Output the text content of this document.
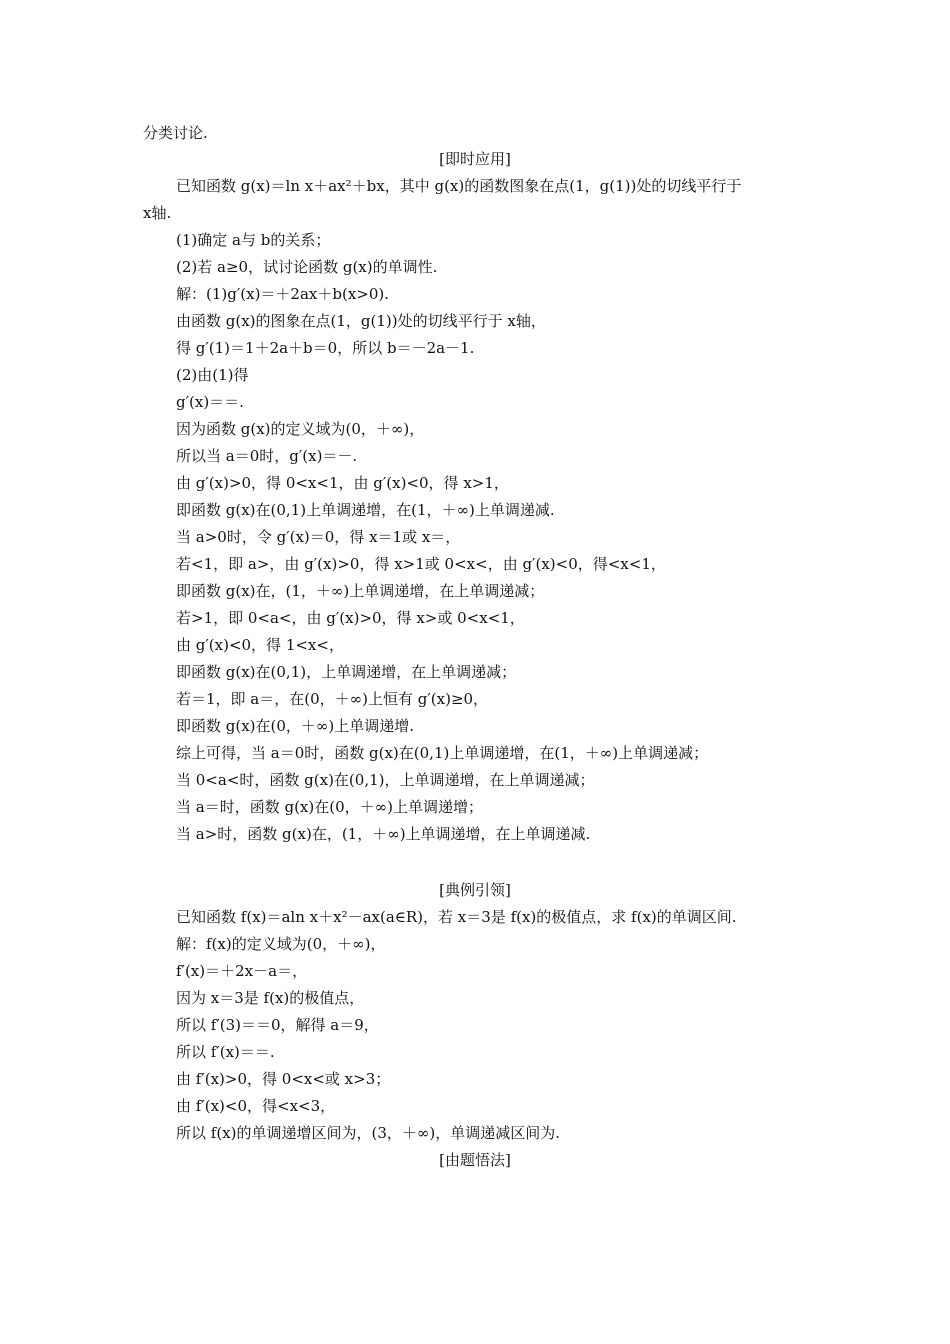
分类讨论.
[即时应用]
已知函数 g(x)＝ln x＋ax²＋bx，其中 g(x)的函数图象在点(1，g(1))处的切线平行于
x轴.
(1)确定 a与 b的关系；
(2)若 a≥0，试讨论函数 g(x)的单调性.
解：(1)g′(x)＝＋2ax＋b(x>0).
由函数 g(x)的图象在点(1，g(1))处的切线平行于 x轴，
得 g′(1)＝1＋2a＋b＝0，所以 b＝－2a－1.
(2)由(1)得
g′(x)＝＝.
因为函数 g(x)的定义域为(0，＋∞)，
所以当 a＝0时，g′(x)＝－.
由 g′(x)>0，得 0<x<1，由 g′(x)<0，得 x>1，
即函数 g(x)在(0,1)上单调递增，在(1，＋∞)上单调递减.
当 a>0时，令 g′(x)＝0，得 x＝1或 x＝，
若<1，即 a>，由 g′(x)>0，得 x>1或 0<x<，由 g′(x)<0，得<x<1，
即函数 g(x)在，(1，＋∞)上单调递增，在上单调递减；
若>1，即 0<a<，由 g′(x)>0，得 x>或 0<x<1，
由 g′(x)<0，得 1<x<，
即函数 g(x)在(0,1)，上单调递增，在上单调递减；
若＝1，即 a＝，在(0，＋∞)上恒有 g′(x)≥0，
即函数 g(x)在(0，＋∞)上单调递增.
综上可得，当 a＝0时，函数 g(x)在(0,1)上单调递增，在(1，＋∞)上单调递减；
当 0<a<时，函数 g(x)在(0,1)，上单调递增，在上单调递减；
当 a＝时，函数 g(x)在(0，＋∞)上单调递增；
当 a>时，函数 g(x)在，(1，＋∞)上单调递增，在上单调递减.
[典例引领]
已知函数 f(x)＝aln x＋x²－ax(a∈R)，若 x＝3是 f(x)的极值点，求 f(x)的单调区间.
解：f(x)的定义域为(0，＋∞)，
f′(x)＝＋2x－a＝，
因为 x＝3是 f(x)的极值点，
所以 f′(3)＝＝0，解得 a＝9，
所以 f′(x)＝＝.
由 f′(x)>0，得 0<x<或 x>3；
由 f′(x)<0，得<x<3，
所以 f(x)的单调递增区间为，(3，＋∞)，单调递减区间为.
[由题悟法]
